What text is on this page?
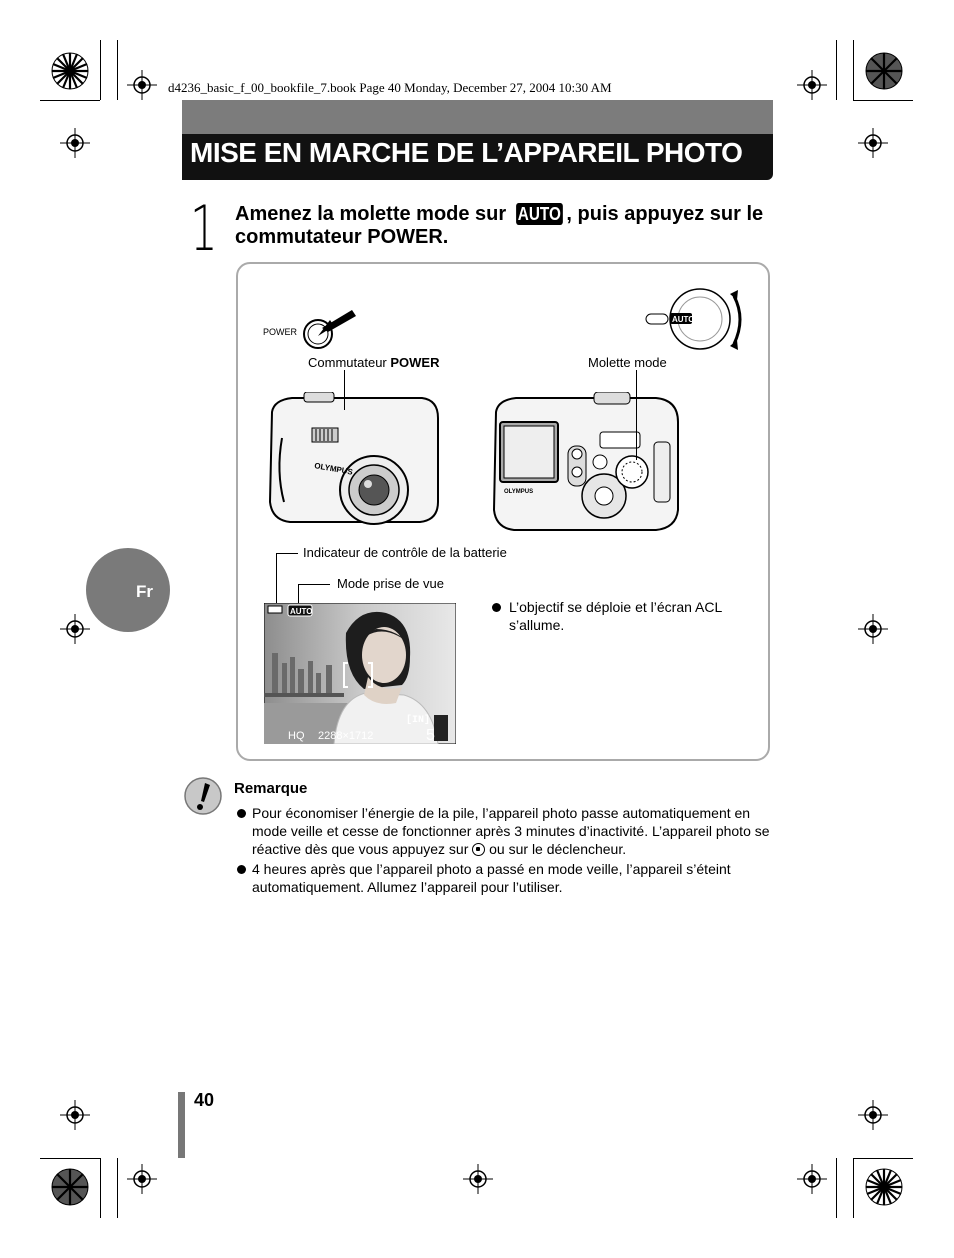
d4236_basic_f_00_bookfile_7.book Page 40 Monday, December 27, 2004 10:30 AM
MISE EN MARCHE DE L’APPAREIL PHOTO
1 Amenez la molette mode sur AUTO , puis appuyez sur le commutateur POWER.
POWER
Commutateur POWER
AUTO
Molette mode
OLYMPUS
OLYMPUS
Indicateur de contrôle de la batterie
Mode prise de vue
AUTO
[IN]
HQ 2288×1712	5
L’objectif se déploie et l’écran ACL s’allume.
Fr
Remarque
Pour économiser l’énergie de la pile, l’appareil photo passe automatiquement en mode veille et cesse de fonctionner après 3 minutes d’inactivité. L’appareil photo se réactive dès que vous appuyez sur  ou sur le déclencheur.
4 heures après que l’appareil photo a passé en mode veille, l’appareil s’éteint automatiquement. Allumez l’appareil pour l’utiliser.
40
